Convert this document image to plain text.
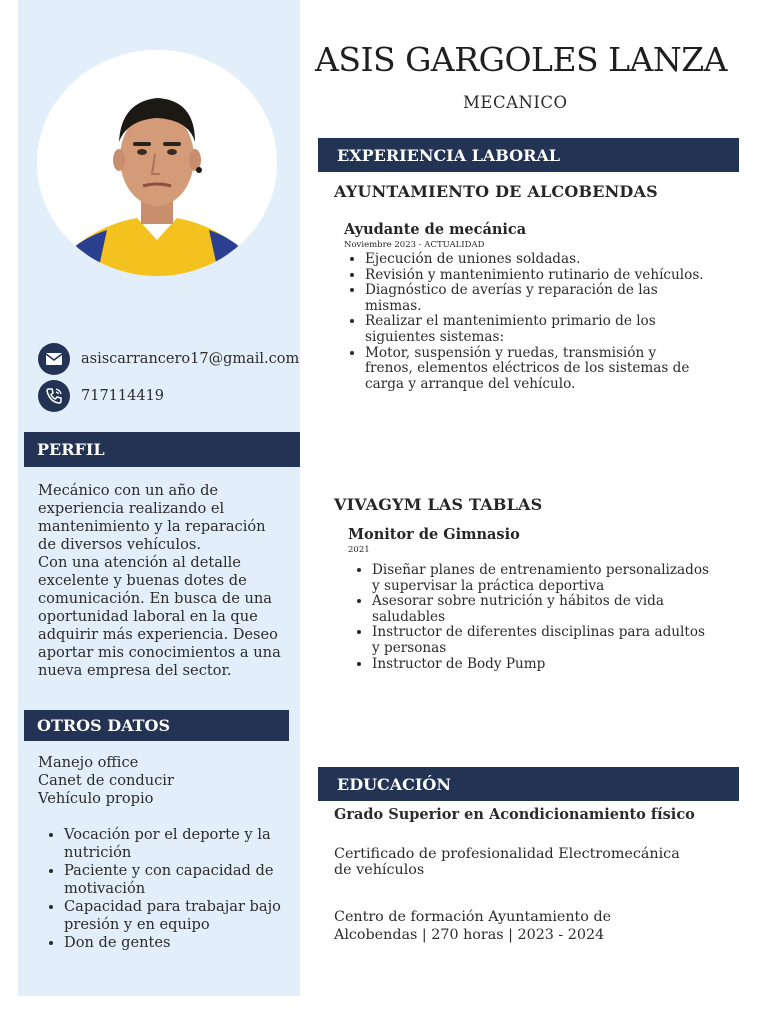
asiscarrancero17@gmail.com
717114419
PERFIL

Mecánico con un año de experiencia realizando el mantenimiento y la reparación de diversos vehículos.

Con una atención al detalle excelente y buenas dotes de comunicación. En busca de una oportunidad laboral en la que adquirir más experiencia. Deseo aportar mis conocimientos a una nueva empresa del sector.

OTROS DATOS

Manejo office

Canet de conducir

Vehículo propio

• Vocación por el deporte y la nutrición
• Paciente y con capacidad de motivación
• Capacidad para trabajar bajo presión y en equipo
• Don de gentes
ASIS GARGOLES LANZA
MECANICO
EXPERIENCIA LABORAL
AYUNTAMIENTO DE ALCOBENDAS
Ayudante de mecánica
Noviembre 2023 - ACTUALIDAD
• Ejecución de uniones soldadas.
• Revisión y mantenimiento rutinario de vehículos.
• Diagnóstico de averías y reparación de las mismas.
• Realizar el mantenimiento primario de los siguientes sistemas:
• Motor, suspensión y ruedas, transmisión y frenos, elementos eléctricos de los sistemas de carga y arranque del vehículo.
VIVAGYM LAS TABLAS
Monitor de Gimnasio
2021
• Diseñar planes de entrenamiento personalizados y supervisar la práctica deportiva
• Asesorar sobre nutrición y hábitos de vida saludables
• Instructor de diferentes disciplinas para adultos y personas
• Instructor de Body Pump
EDUCACIÓN
Grado Superior en Acondicionamiento físico
Certificado de profesionalidad Electromecánica de vehículos
Centro de formación Ayuntamiento de Alcobendas | 270 horas | 2023 - 2024
